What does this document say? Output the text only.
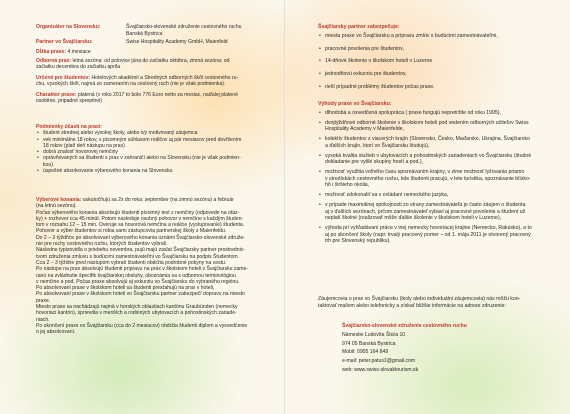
Organizátor na Slovensku:	Švajčiarsko-slovenské združenie cestovného ruchu
Banská Bystrica
Partner vo Švajčiarsku:	Swiss Hospitality Academy GmbH, Maienfeld
Dĺžka praxe: 4 mesiace
Odborná prax: letná sezóna: od polovice júna do začiatku októbra, zimná sezóna: od
začiatku decembra do začiatku apríla
Určené pre študentov: Hotelových akadémií a Stredných odborných škôl cestovného ru-
chu, vysokých škôl, najmä so zameraním na cestovný ruch (nie je však podmienka).
Charakter praxe: platená (v roku 2017 to bolo 776 Euro netto za mesiac, naďalej platené
osobitne, pripadné sprepitné)
Podmienky účasti na praxi:
• študent strednej alebo vysokej školy, alebo ivý motivovaný záujemca
• vek minimálne 18 rokov, s písomným súhlasom rodičov aj pár mesiacov pred dovŕšením
18 rokov (platí deň nástupu na prax)
• dobrá znalosť hovorovej nemčiny
• oprávňovaných sa študenti s prax v zahraničí alebo na Slovensku (nie je však podmien-
kou)
• úspešné absolvovanie výberového konania na Slovensku
Výberové konania: uskutočňujú sa 2x do roka: september (na zimnú sezónu) a február
(na letnú sezónu).
Počas výberového konania absolvujú študenti písomný test z nemčiny (odpovede na otáz-
ky) + rozhovor cca 45 minút. Potom nasleduje osobný pohovor v nemčine s každým študen-
tom v rozsahu 12 – 15 min. Overuje sa hovorová nemčina a reálcie (vystupovanie) študenta.
Pohovor a výber študentov si robia sami zástupcovia partnerskej školy z Maienfeldu.
Do 2 – 3 týždňov po absolvovaní výberového konania oznámi Švajčiarsko-slovenské združe-
nie pre ruchy cestovného ruchu, ktorých študentov vybrali.
Následne typizovidla o priebehu novembra, pujú majú zaslat Švajčiarsky partner prostrednic-
tvom združenia zmluvu s budúcimi zamestnávateľmi vo Švajčiarsku na podpis Študentom.
Cca 2 – 3 týždne pred nástupom vybratí študenti obdržia podrobné pokyny na cestu.
Po nástupe na prax absolvujú študenti prípravu na prax v školskom hoteli v Švajčiarsku zame-
ranú na zvládnutie špecifik švajčiarskej obsluhy, oboznámia sa s odbornou terminológiou
v nemčine a pod. Počas praxe absolvujú aj exkurziu vo Švajčiarsku do vybraného regiónu.
Po absolvovaní praxe v školskom hoteli sa študenti presťahujú na prax v hoteli,
Po absolvovaní praxe v školskom hoteli vo Švajčiarsku partner zabezpečí dopravu na miesto
praxe.
Miesto praxe sa nachádzajú najmä v horských oblastiach kantónu Graubünden (nemecky
hovoriaci kantón), sprievdia v menších a rodinných ubytovacích a pohostinských zariade-
niach.
Po ukončení praxe vo Švajčiarsku (cca do 2 mesiacov) obdržia študenti diplom a vysvedčenie
o jej absolvovaní.
Švajčiarsky partner zabezpečuje:
• miesta praxe vo Švajčiarsku a prípravu zmlúv s budúcimi zamestnávateľmi,
• pracovné povolenia pre študentov,
• 14-dňové školenie v školskom hoteli v Luzerne
• jednodňovú exkurziu pre študentov,
• riešI prípadné problémy študentov počas praxe.
Výhody praxe vo Švajčiarsku:
• dlhodobá a osvedčená spolupráca ( praxe fungujú nepretržite od roku 1995),
• dvojtýždňové odborné školenie v školskom hoteli pod vedením odborných učiteľov Swiss
Hospitality Academy v Maienfelde,
• kolektív študentov z viacerých krajín (Slovensko, Česko, Maďarsko, Ukrajina, Švajčiarsko
a ďalších krajín, ktorí vo Švajčiarsku študujú),
• vysoká kvalita služieb v ubytovacích a pohostinských zariadeniach vo Švajčiarsku (študné
dokladanie pre vyšlé skupiny hostí a pod.),
• možnosť využitia voľného času spoznávaním krajiny, v zime možnosť lyžovania priamo
v stredískách cestovného ruchu, kde študenti pracujú, v lete turistika, spoznávanie blízko-
hô i širšieho okolia,
• možnosť zdokonaliť sa v ovládaní nemeckého jazyka,
• v prípade maximálnej spokojnosti zo strany zamestnávateľa je často záujem o študenta
aj v ďalších sezónach, prčom zamestnávateľ vybavi aj pracovné povolenie a študent už
neplatí školné (realizovať môže ďalšie školenie v školskom hoteli v Luzerne),
• výhoda pri vyhľadávaní práce v inej nemecky hovoriacej krajine (Nemecko, Rakúsko), a to
aj po skončení školy (napr. trvalý pracovný pomer – od 1. mája 2011 je otvorený pracovný
trh pre Slovenský republiku).
Záujemcovia o prax vo Švajčiarsku (ikoly alebo individuálni záujemcovia) nás môžu kon-
taktovať mailom alebo telefonicky a získať bližšie informácie na adrese zdruzenie:
Švajčiarsko-slovenské združenie cestovného ruchu
Námestie Ľudovíta Štúra 10
974 05 Banská Bystrica
Mobil: 0905 164 849
e-mail: peter.patus1@gmail.com
web: www.swiss-slovaktourism.sk
